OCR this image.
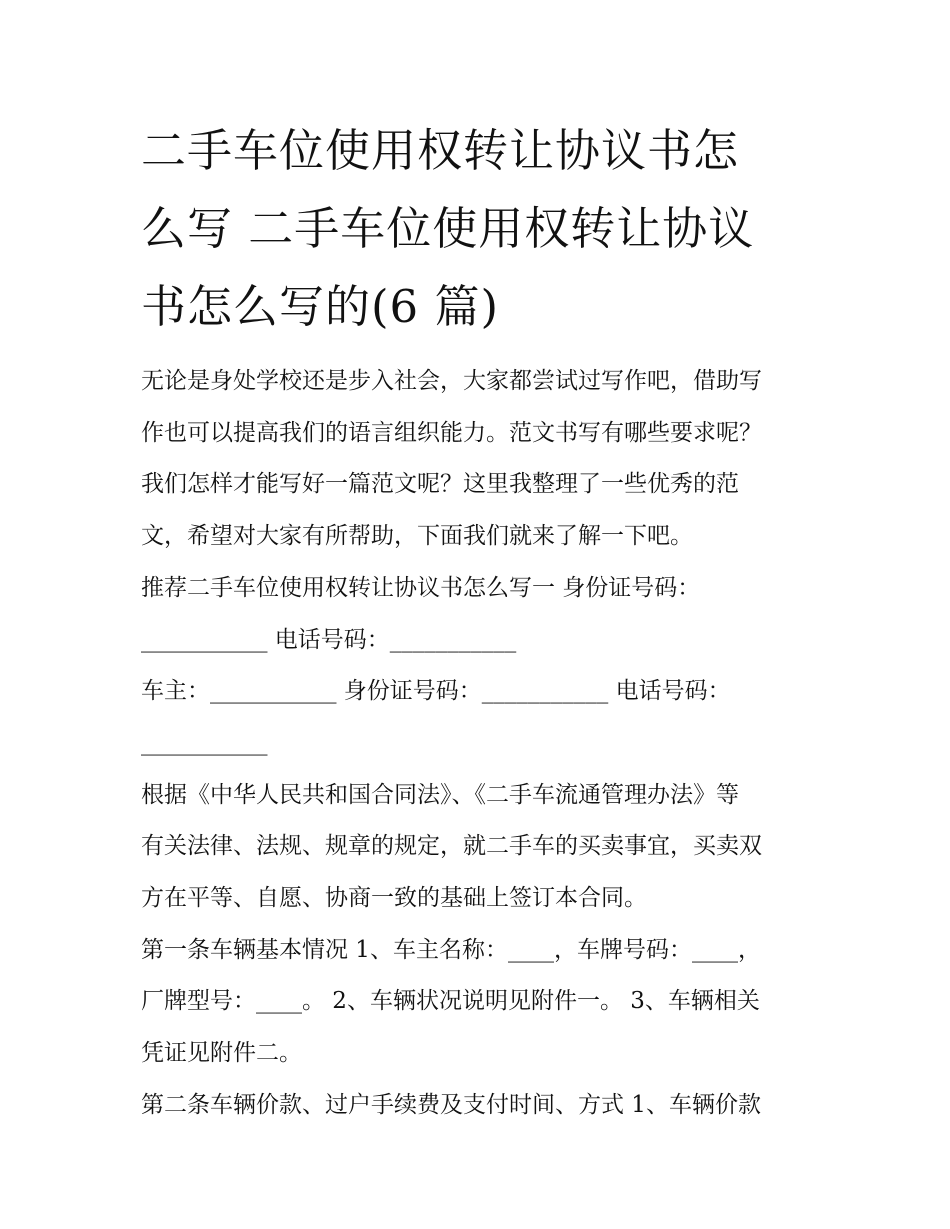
二手车位使用权转让协议书怎
么写 二手车位使用权转让协议
书怎么写的(6 篇)
无论是身处学校还是步入社会，大家都尝试过写作吧，借助写
作也可以提高我们的语言组织能力。范文书写有哪些要求呢？
我们怎样才能写好一篇范文呢？这里我整理了一些优秀的范
文，希望对大家有所帮助，下面我们就来了解一下吧。
推荐二手车位使用权转让协议书怎么写一 身份证号码：
___________ 电话号码：___________
车主：___________ 身份证号码：___________ 电话号码：
___________
根据《中华人民共和国合同法》、《二手车流通管理办法》等
有关法律、法规、规章的规定，就二手车的买卖事宜，买卖双
方在平等、自愿、协商一致的基础上签订本合同。
第一条车辆基本情况 1、车主名称：____，车牌号码：____，
厂牌型号：____。 2、车辆状况说明见附件一。 3、车辆相关
凭证见附件二。
第二条车辆价款、过户手续费及支付时间、方式 1、车辆价款
